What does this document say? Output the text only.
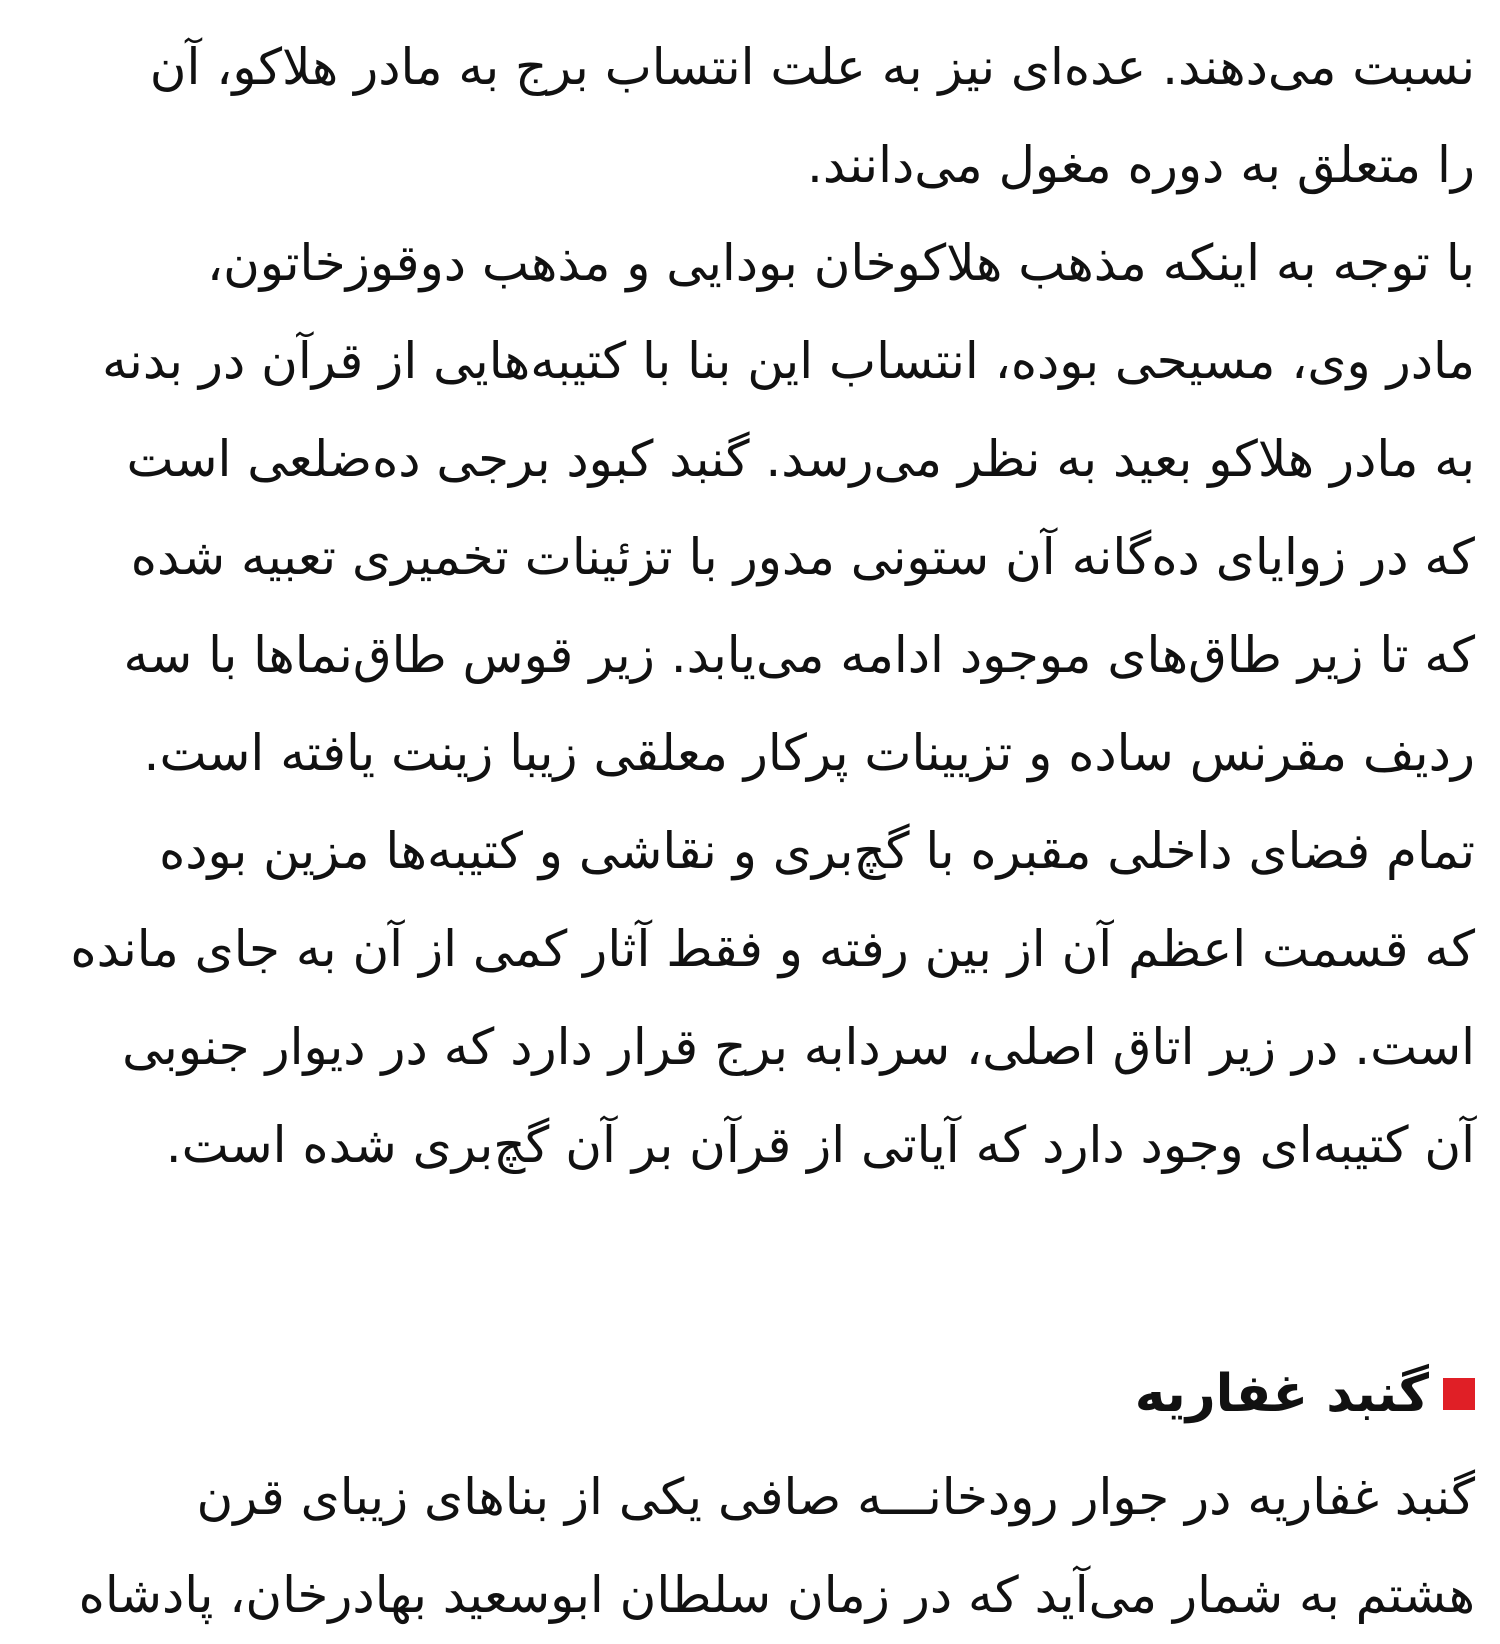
نسبت می‌دهند. عده‌ای نیز به علت انتساب برج به مادر هلاکو، آن
را متعلق به دوره مغول می‌دانند.
با توجه به اینکه مذهب هلاکوخان بودایی و مذهب دوقوزخاتون،
مادر وی، مسیحی بوده، انتساب این بنا با کتیبه‌هایی از قرآن در بدنه
به مادر هلاکو بعید به نظر می‌رسد. گنبد کبود برجی ده‌ضلعی است
که در زوایای ده‌گانه آن ستونی مدور با تزئینات تخمیری تعبیه شده
که تا زیر طاق‌های موجود ادامه می‌یابد. زیر قوس طاق‌نماها با سه
ردیف مقرنس ساده و تزیینات پرکار معلقی زیبا زینت یافته است.
تمام فضای داخلی مقبره با گچ‌بری و نقاشی و کتیبه‌ها مزین بوده
که قسمت اعظم آن از بین رفته و فقط آثار کمی از آن به جای مانده
است. در زیر اتاق اصلی، سردابه برج قرار دارد که در دیوار جنوبی
آن کتیبه‌ای وجود دارد که آیاتی از قرآن بر آن گچ‌بری شده است.
گنبد غفاریه
گنبد غفاریه در جوار رودخانـــه صافی یکی از بناهای زیبای قرن
هشتم به شمار می‌آید که در زمان سلطان ابوسعید بهادرخان، پادشاه
